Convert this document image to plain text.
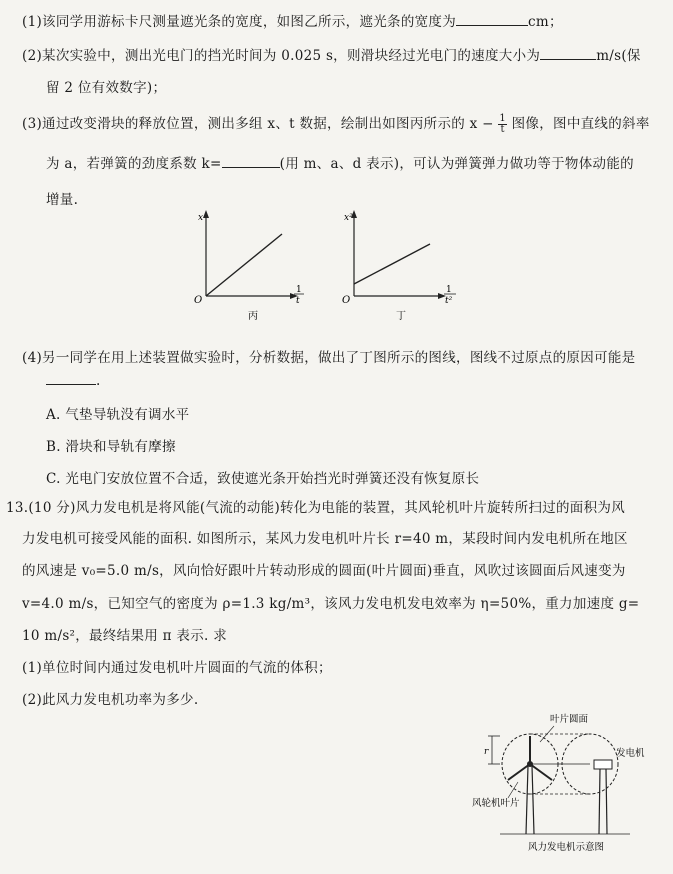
(1)该同学用游标卡尺测量遮光条的宽度，如图乙所示，遮光条的宽度为	cm；
(2)某次实验中，测出光电门的挡光时间为 0.025 s，则滑块经过光电门的速度大小为	m/s(保
留 2 位有效数字)；
(3)通过改变滑块的释放位置，测出多组 x、t 数据，绘制出如图丙所示的 $x - \frac{1}{t}$ 图像，图中直线的斜率
为 a，若弹簧的劲度系数 k=	(用 m、a、d 表示)，可认为弹簧弹力做功等于物体动能的
增量.
x
O
1
t
丙
x²
O
1
t²
丁
(4)另一同学在用上述装置做实验时，分析数据，做出了丁图所示的图线，图线不过原点的原因可能是
.
A. 气垫导轨没有调水平
B. 滑块和导轨有摩擦
C. 光电门安放位置不合适，致使遮光条开始挡光时弹簧还没有恢复原长
13.(10 分)风力发电机是将风能(气流的动能)转化为电能的装置，其风轮机叶片旋转所扫过的面积为风
力发电机可接受风能的面积. 如图所示，某风力发电机叶片长 r=40 m，某段时间内发电机所在地区
的风速是 v₀=5.0 m/s，风向恰好跟叶片转动形成的圆面(叶片圆面)垂直，风吹过该圆面后风速变为
v=4.0 m/s，已知空气的密度为 ρ=1.3 kg/m³，该风力发电机发电效率为 η=50%，重力加速度 g=
10 m/s²，最终结果用 π 表示. 求
(1)单位时间内通过发电机叶片圆面的气流的体积；
(2)此风力发电机功率为多少.
r
叶片圆面
发电机
风轮机叶片
风力发电机示意图
